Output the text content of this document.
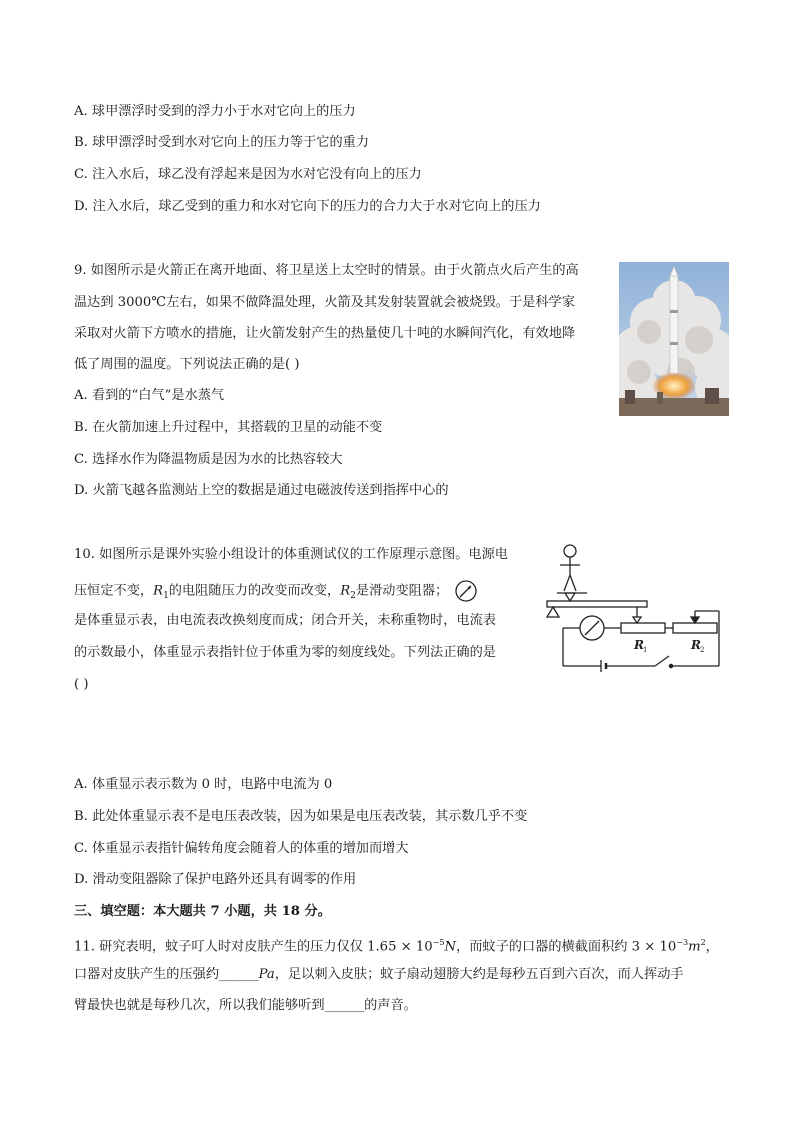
A. 球甲漂浮时受到的浮力小于水对它向上的压力
B. 球甲漂浮时受到水对它向上的压力等于它的重力
C. 注入水后，球乙没有浮起来是因为水对它没有向上的压力
D. 注入水后，球乙受到的重力和水对它向下的压力的合力大于水对它向上的压力
9. 如图所示是火箭正在离开地面、将卫星送上太空时的情景。由于火箭点火后产生的高
温达到 3000℃左右，如果不做降温处理，火箭及其发射装置就会被烧毁。于是科学家
采取对火箭下方喷水的措施，让火箭发射产生的热量使几十吨的水瞬间汽化，有效地降
低了周围的温度。下列说法正确的是( )
A. 看到的“白气”是水蒸气
B. 在火箭加速上升过程中，其搭载的卫星的动能不变
C. 选择水作为降温物质是因为水的比热容较大
D. 火箭飞越各监测站上空的数据是通过电磁波传送到指挥中心的
10. 如图所示是课外实验小组设计的体重测试仪的工作原理示意图。电源电
压恒定不变，$R_1$的电阻随压力的改变而改变，$R_2$是滑动变阻器；
是体重显示表，由电流表改换刻度而成；闭合开关，未称重物时，电流表
的示数最小，体重显示表指针位于体重为零的刻度线处。下列法正确的是
( )
R 1	R 2
A. 体重显示表示数为 0 时，电路中电流为 0
B. 此处体重显示表不是电压表改装，因为如果是电压表改装，其示数几乎不变
C. 体重显示表指针偏转角度会随着人的体重的增加而增大
D. 滑动变阻器除了保护电路外还具有调零的作用
三、填空题：本大题共 7 小题，共 18 分。
11. 研究表明，蚊子叮人时对皮肤产生的压力仅仅 $1.65 \times 10^{-5}N$，而蚊子的口器的横截面积约 $3 \times 10^{-3}m^2$，
口器对皮肤产生的压强约______Pa，足以刺入皮肤；蚊子扇动翅膀大约是每秒五百到六百次，而人挥动手
臂最快也就是每秒几次，所以我们能够听到______的声音。
